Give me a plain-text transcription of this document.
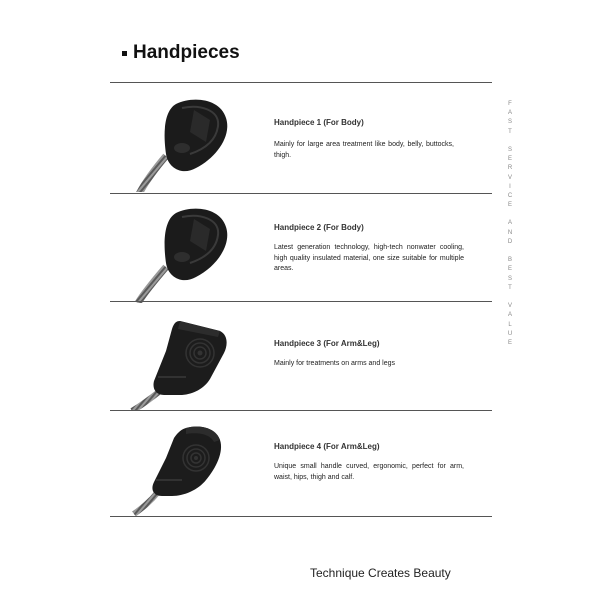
Handpieces
Handpiece 1 (For Body)
Mainly for large area treatment like body, belly, buttocks, thigh.
Handpiece 2 (For Body)
Latest generation technology, high-tech nonwater cooling, high quality insulated material, one size suitable for multiple areas.
Handpiece 3 (For Arm&Leg)
Mainly for treatments on arms and legs
Handpiece 4 (For Arm&Leg)
Unique small handle curved, ergonomic, perfect for arm, waist, hips, thigh and calf.
F
A
S
T

S
E
R
V
I
C
E

A
N
D

B
E
S
T

V
A
L
U
E
Technique Creates Beauty
